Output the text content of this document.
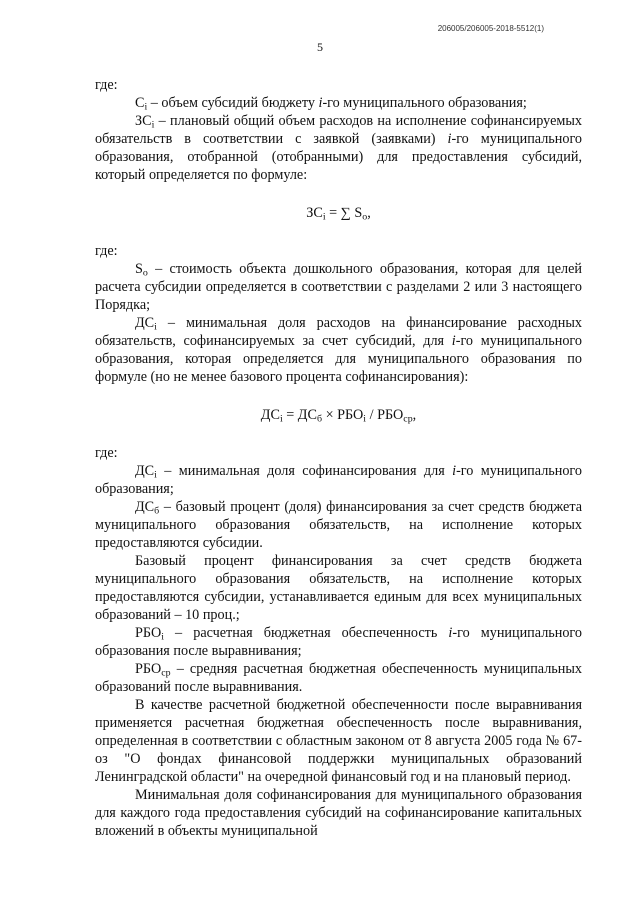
206005/206005-2018-5512(1)
5

где:

$C_i$ – объем субсидий бюджету i-го муниципального образования;

$ЗС_i$ – плановый общий объем расходов на исполнение софинансируемых обязательств в соответствии с заявкой (заявками) i-го муниципального образования, отобранной (отобранными) для предоставления субсидий, который определяется по формуле:

$ЗС_i$ = ∑ $S_o$,

где:

$S_o$ – стоимость объекта дошкольного образования, которая для целей расчета субсидии определяется в соответствии с разделами 2 или 3 настоящего Порядка;

$ДС_i$ – минимальная доля расходов на финансирование расходных обязательств, софинансируемых за счет субсидий, для i-го муниципального образования, которая определяется для муниципального образования по формуле (но не менее базового процента софинансирования):

$ДС_i = ДС_б \times РБО_i / РБО_{ср}$,

где:

$ДС_i$ – минимальная доля софинансирования для i-го муниципального образования;

$ДС_б$ – базовый процент (доля) финансирования за счет средств бюджета муниципального образования обязательств, на исполнение которых предоставляются субсидии.

Базовый процент финансирования за счет средств бюджета муниципального образования обязательств, на исполнение которых предоставляются субсидии, устанавливается единым для всех муниципальных образований – 10 проц.;

$РБО_i$ – расчетная бюджетная обеспеченность i-го муниципального образования после выравнивания;

$РБО_{ср}$ – средняя расчетная бюджетная обеспеченность муниципальных образований после выравнивания.

В качестве расчетной бюджетной обеспеченности после выравнивания применяется расчетная бюджетная обеспеченность после выравнивания, определенная в соответствии с областным законом от 8 августа 2005 года № 67-оз "О фондах финансовой поддержки муниципальных образований Ленинградской области" на очередной финансовый год и на плановый период.

Минимальная доля софинансирования для муниципального образования для каждого года предоставления субсидий на софинансирование капитальных вложений в объекты муниципальной
